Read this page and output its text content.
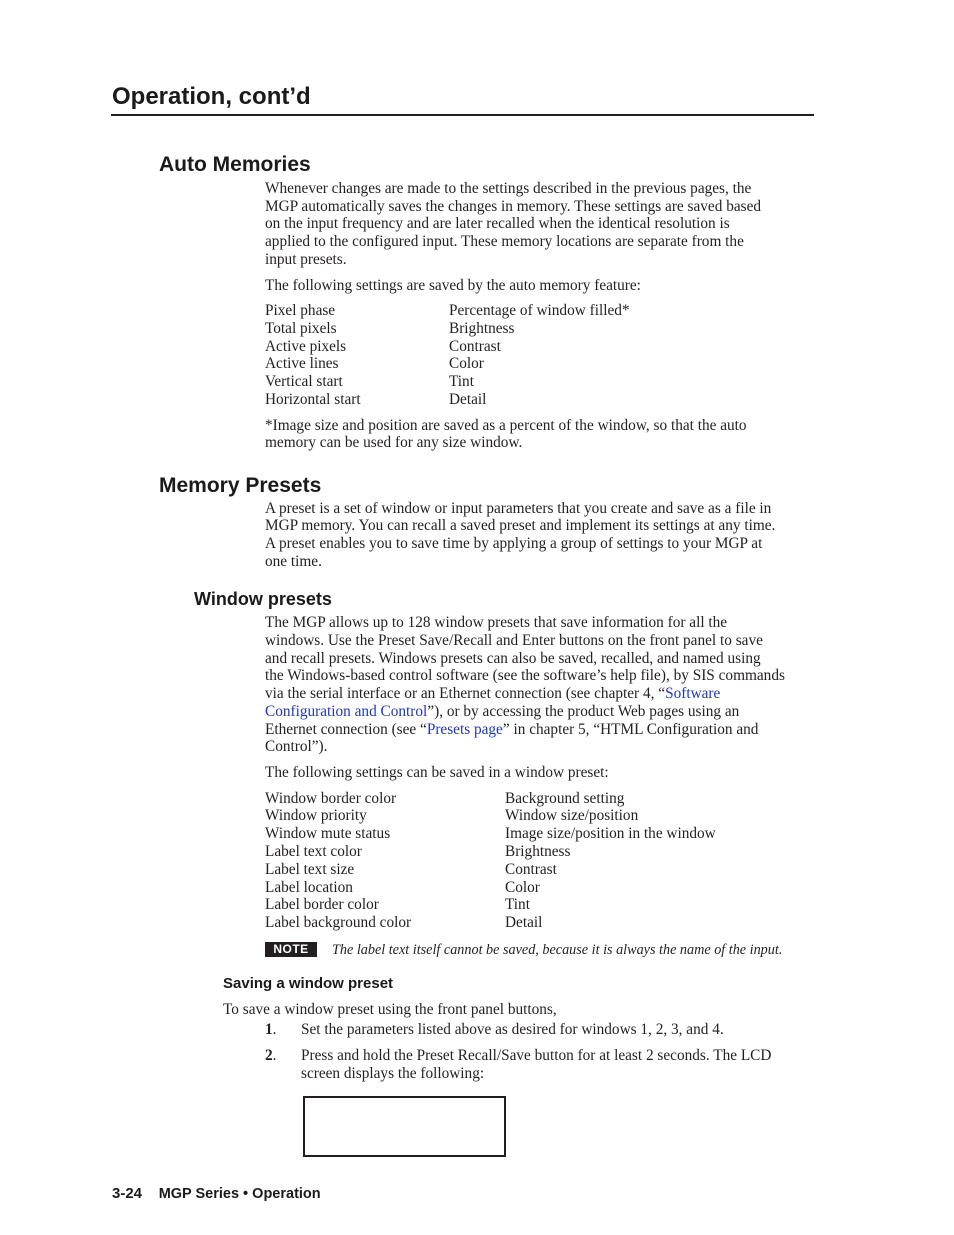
Operation, cont’d
Auto Memories
Whenever changes are made to the settings described in the previous pages, the
MGP automatically saves the changes in memory. These settings are saved based
on the input frequency and are later recalled when the identical resolution is
applied to the configured input. These memory locations are separate from the
input presets.
The following settings are saved by the auto memory feature:
Pixel phase
Total pixels
Active pixels
Active lines
Vertical start
Horizontal start
Percentage of window filled*
Brightness
Contrast
Color
Tint
Detail
*Image size and position are saved as a percent of the window, so that the auto
memory can be used for any size window.
Memory Presets
A preset is a set of window or input parameters that you create and save as a file in
MGP memory. You can recall a saved preset and implement its settings at any time.
A preset enables you to save time by applying a group of settings to your MGP at
one time.
Window presets
The MGP allows up to 128 window presets that save information for all the
windows. Use the Preset Save/Recall and Enter buttons on the front panel to save
and recall presets. Windows presets can also be saved, recalled, and named using
the Windows-based control software (see the software’s help file), by SIS commands
via the serial interface or an Ethernet connection (see chapter 4, “Software
Configuration and Control”), or by accessing the product Web pages using an
Ethernet connection (see “Presets page” in chapter 5, “HTML Configuration and
Control”).
The following settings can be saved in a window preset:
Window border color
Window priority
Window mute status
Label text color
Label text size
Label location
Label border color
Label background color
Background setting
Window size/position
Image size/position in the window
Brightness
Contrast
Color
Tint
Detail
NOTE	The label text itself cannot be saved, because it is always the name of the input.
Saving a window preset
To save a window preset using the front panel buttons,
1. Set the parameters listed above as desired for windows 1, 2, 3, and 4.
2. Press and hold the Preset Recall/Save button for at least 2 seconds. The LCD
screen displays the following:
3-24 MGP Series • Operation
